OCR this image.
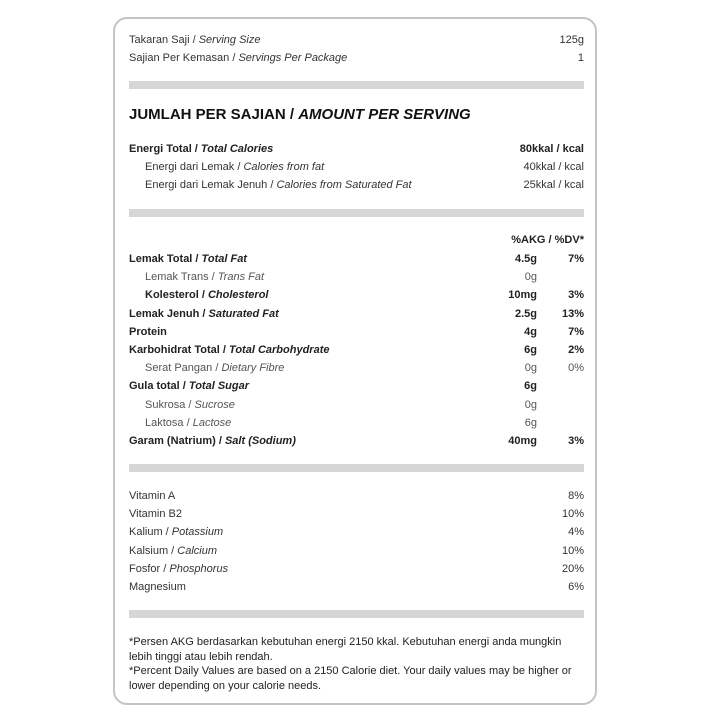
Takaran Saji / Serving Size	125g
Sajian Per Kemasan / Servings Per Package	1
JUMLAH PER SAJIAN / AMOUNT PER SERVING
Energi Total / Total Calories	80kkal / kcal
Energi dari Lemak / Calories from fat	40kkal / kcal
Energi dari Lemak Jenuh / Calories from Saturated Fat	25kkal / kcal
%AKG / %DV*
Lemak Total / Total Fat	4.5g	7%
Lemak Trans / Trans Fat	0g
Kolesterol / Cholesterol	10mg	3%
Lemak Jenuh / Saturated Fat	2.5g	13%
Protein	4g	7%
Karbohidrat Total / Total Carbohydrate	6g	2%
Serat Pangan / Dietary Fibre	0g	0%
Gula total / Total Sugar	6g
Sukrosa / Sucrose	0g
Laktosa / Lactose	6g
Garam (Natrium) / Salt (Sodium)	40mg	3%
Vitamin A	8%
Vitamin B2	10%
Kalium / Potassium	4%
Kalsium / Calcium	10%
Fosfor / Phosphorus	20%
Magnesium	6%
*Persen AKG berdasarkan kebutuhan energi 2150 kkal. Kebutuhan energi anda mungkin lebih tinggi atau lebih rendah.
*Percent Daily Values are based on a 2150 Calorie diet. Your daily values may be higher or lower depending on your calorie needs.
